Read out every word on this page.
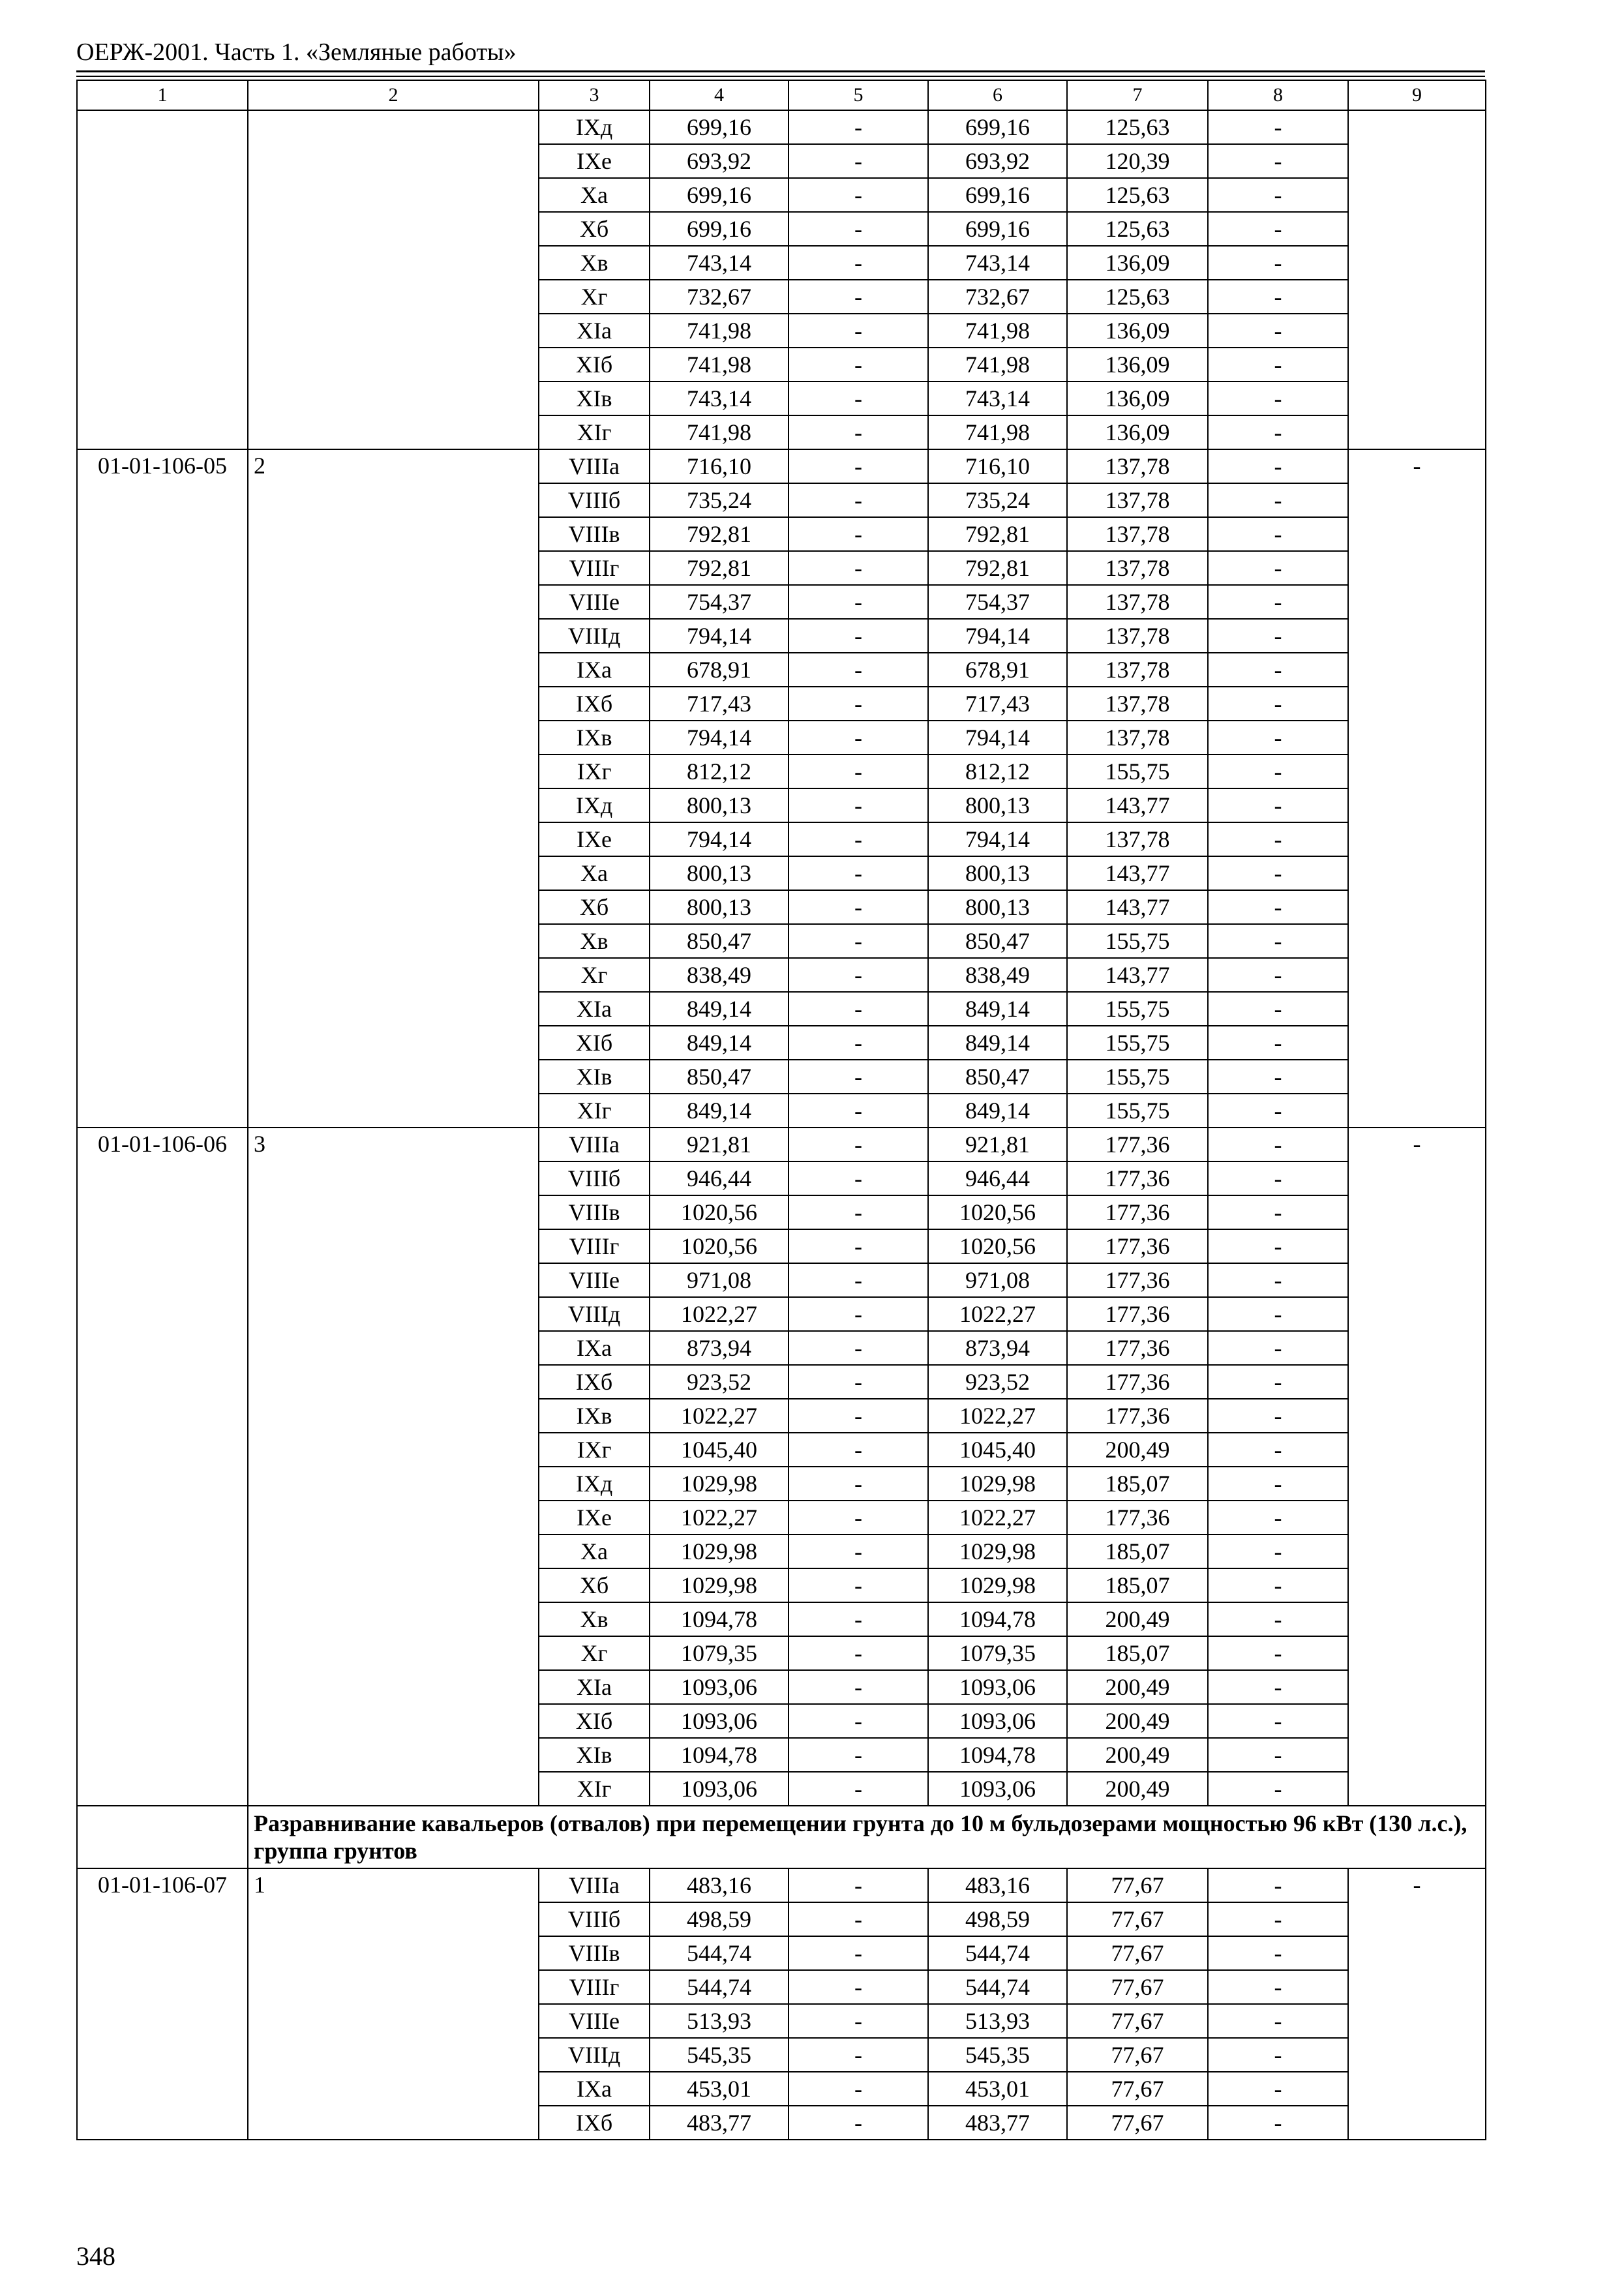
ОЕРЖ-2001. Часть 1. «Земляные работы»
1	2	3	4	5	6	7	8	9
		IXд	699,16	-	699,16	125,63	-	
		IXе	693,92	-	693,92	120,39	-	
		Xа	699,16	-	699,16	125,63	-	
		Xб	699,16	-	699,16	125,63	-	
		Xв	743,14	-	743,14	136,09	-	
		Xг	732,67	-	732,67	125,63	-	
		XIа	741,98	-	741,98	136,09	-	
		XIб	741,98	-	741,98	136,09	-	
		XIв	743,14	-	743,14	136,09	-	
		XIг	741,98	-	741,98	136,09	-	
01-01-106-05	2	VIIIа	716,10	-	716,10	137,78	-	-
		VIIIб	735,24	-	735,24	137,78	-	
		VIIIв	792,81	-	792,81	137,78	-	
		VIIIг	792,81	-	792,81	137,78	-	
		VIIIе	754,37	-	754,37	137,78	-	
		VIIIд	794,14	-	794,14	137,78	-	
		IXа	678,91	-	678,91	137,78	-	
		IXб	717,43	-	717,43	137,78	-	
		IXв	794,14	-	794,14	137,78	-	
		IXг	812,12	-	812,12	155,75	-	
		IXд	800,13	-	800,13	143,77	-	
		IXе	794,14	-	794,14	137,78	-	
		Xа	800,13	-	800,13	143,77	-	
		Xб	800,13	-	800,13	143,77	-	
		Xв	850,47	-	850,47	155,75	-	
		Xг	838,49	-	838,49	143,77	-	
		XIа	849,14	-	849,14	155,75	-	
		XIб	849,14	-	849,14	155,75	-	
		XIв	850,47	-	850,47	155,75	-	
		XIг	849,14	-	849,14	155,75	-	
01-01-106-06	3	VIIIа	921,81	-	921,81	177,36	-	-
		VIIIб	946,44	-	946,44	177,36	-	
		VIIIв	1020,56	-	1020,56	177,36	-	
		VIIIг	1020,56	-	1020,56	177,36	-	
		VIIIе	971,08	-	971,08	177,36	-	
		VIIIд	1022,27	-	1022,27	177,36	-	
		IXа	873,94	-	873,94	177,36	-	
		IXб	923,52	-	923,52	177,36	-	
		IXв	1022,27	-	1022,27	177,36	-	
		IXг	1045,40	-	1045,40	200,49	-	
		IXд	1029,98	-	1029,98	185,07	-	
		IXе	1022,27	-	1022,27	177,36	-	
		Xа	1029,98	-	1029,98	185,07	-	
		Xб	1029,98	-	1029,98	185,07	-	
		Xв	1094,78	-	1094,78	200,49	-	
		Xг	1079,35	-	1079,35	185,07	-	
		XIа	1093,06	-	1093,06	200,49	-	
		XIб	1093,06	-	1093,06	200,49	-	
		XIв	1094,78	-	1094,78	200,49	-	
		XIг	1093,06	-	1093,06	200,49	-	
	Разравнивание кавальеров (отвалов) при перемещении грунта до 10 м бульдозерами мощностью 96 кВт (130 л.с.), группа грунтов							
01-01-106-07	1	VIIIа	483,16	-	483,16	77,67	-	-
		VIIIб	498,59	-	498,59	77,67	-	
		VIIIв	544,74	-	544,74	77,67	-	
		VIIIг	544,74	-	544,74	77,67	-	
		VIIIе	513,93	-	513,93	77,67	-	
		VIIIд	545,35	-	545,35	77,67	-	
		IXа	453,01	-	453,01	77,67	-	
		IXб	483,77	-	483,77	77,67	-	
348
